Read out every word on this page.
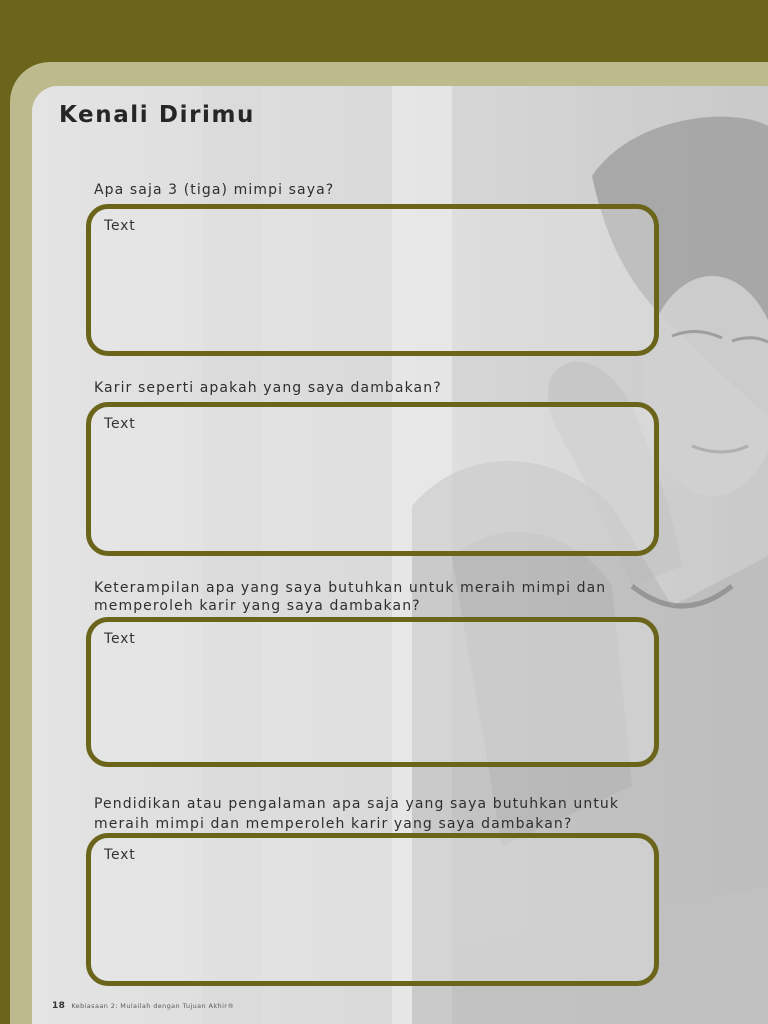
Kenali Dirimu
Apa saja 3 (tiga) mimpi saya?
Text
Karir seperti apakah yang saya dambakan?
Text
Keterampilan apa yang saya butuhkan untuk meraih mimpi dan memperoleh karir yang saya dambakan?
Text
Pendidikan atau pengalaman apa saja yang saya butuhkan untuk meraih mimpi dan memperoleh karir yang saya dambakan?
Text
18 Kebiasaan 2: Mulailah dengan Tujuan Akhir®
